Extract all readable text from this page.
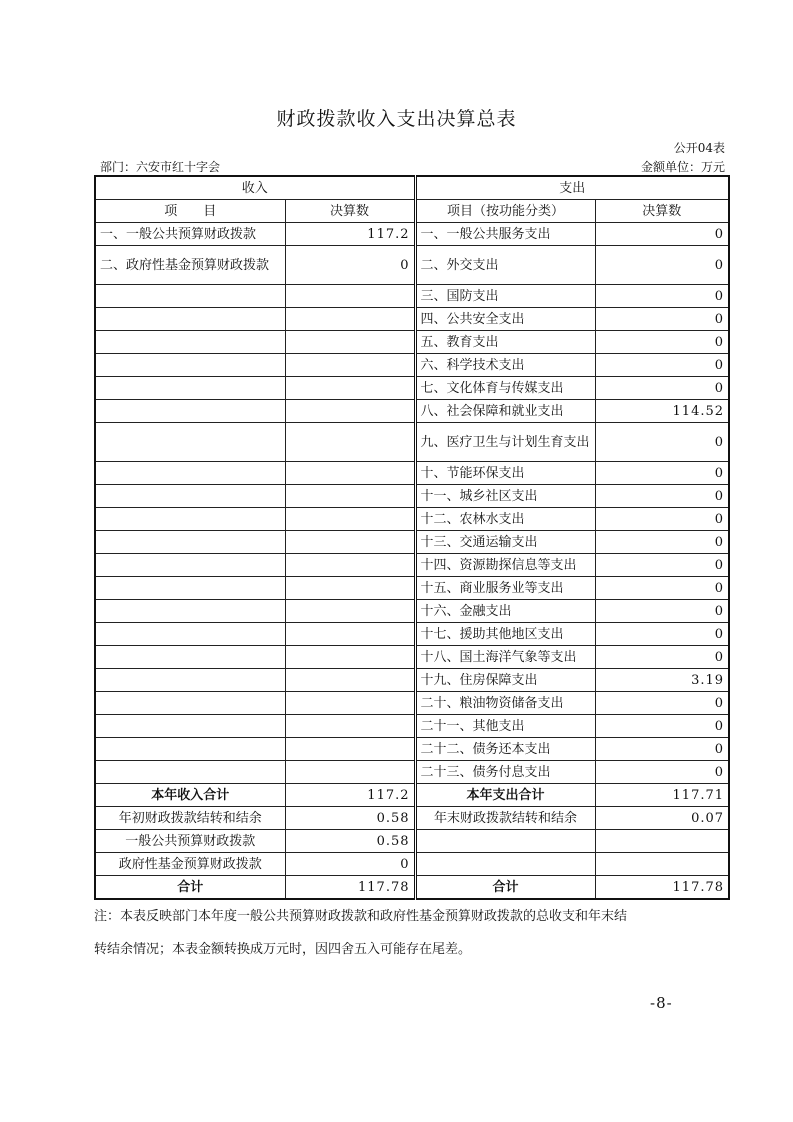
财政拨款收入支出决算总表
公开04表
部门：六安市红十字会	金额单位：万元
收入		支出	
项　　目	决算数	项目（按功能分类）	决算数
一、一般公共预算财政拨款	117.2	一、一般公共服务支出	0
二、政府性基金预算财政拨款	0	二、外交支出	0
		三、国防支出	0
		四、公共安全支出	0
		五、教育支出	0
		六、科学技术支出	0
		七、文化体育与传媒支出	0
		八、社会保障和就业支出	114.52
		九、医疗卫生与计划生育支出	0
		十、节能环保支出	0
		十一、城乡社区支出	0
		十二、农林水支出	0
		十三、交通运输支出	0
		十四、资源勘探信息等支出	0
		十五、商业服务业等支出	0
		十六、金融支出	0
		十七、援助其他地区支出	0
		十八、国土海洋气象等支出	0
		十九、住房保障支出	3.19
		二十、粮油物资储备支出	0
		二十一、其他支出	0
		二十二、债务还本支出	0
		二十三、债务付息支出	0
本年收入合计	117.2	本年支出合计	117.71
年初财政拨款结转和结余	0.58	年末财政拨款结转和结余	0.07
一般公共预算财政拨款	0.58		
政府性基金预算财政拨款	0		
合计	117.78	合计	117.78
注：本表反映部门本年度一般公共预算财政拨款和政府性基金预算财政拨款的总收支和年末结
转结余情况；本表金额转换成万元时，因四舍五入可能存在尾差。
-8-
